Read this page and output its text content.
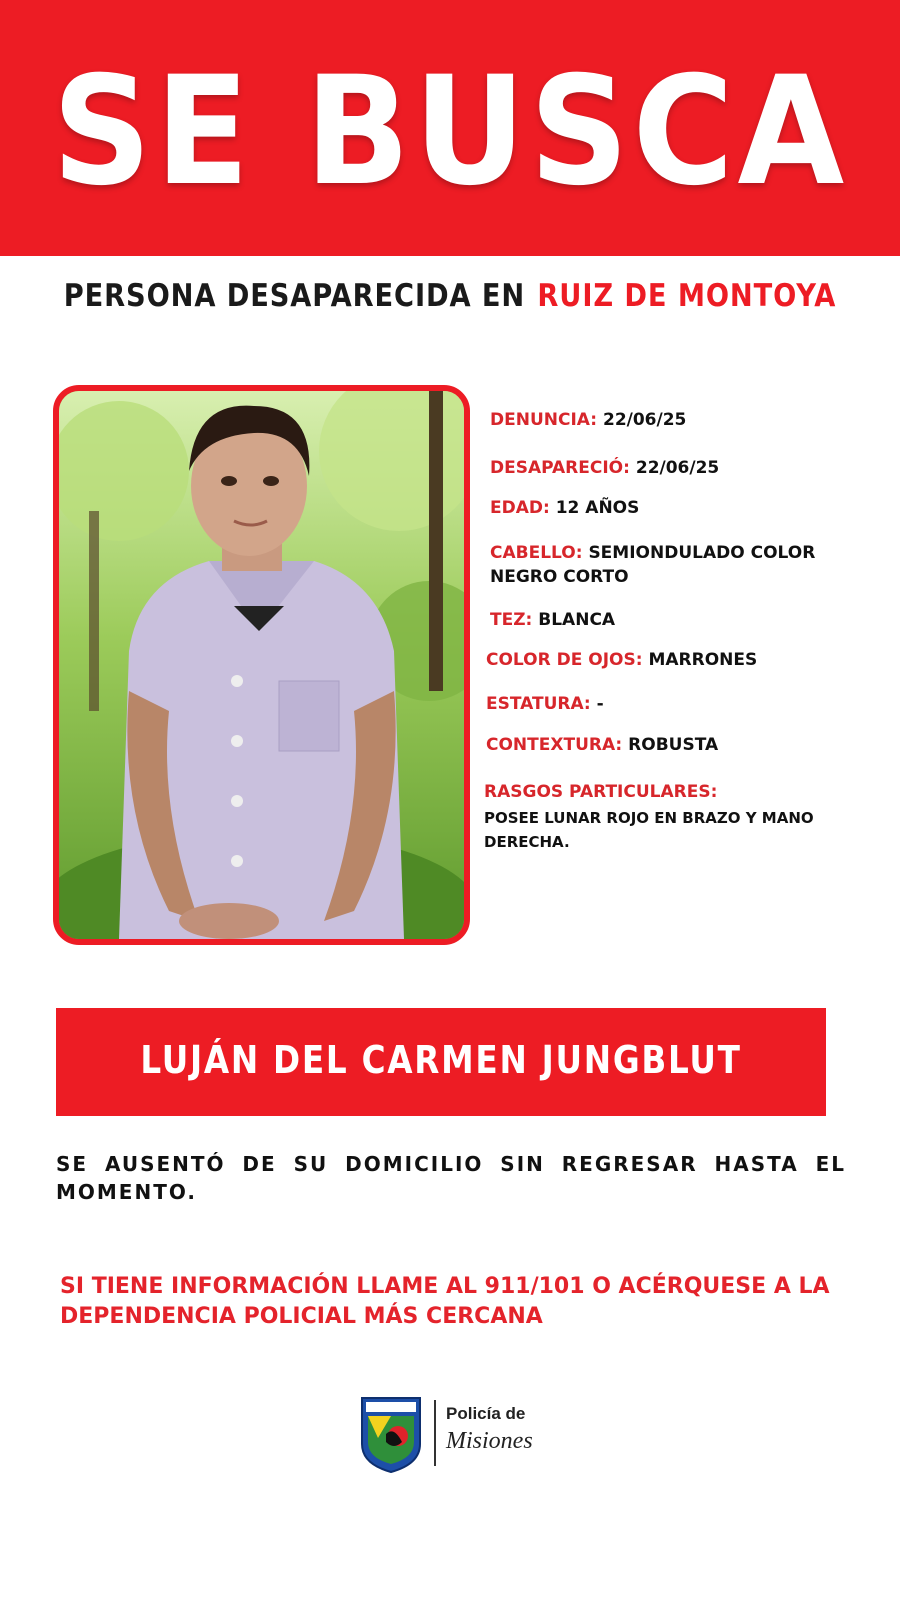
SE BUSCA
PERSONA DESAPARECIDA EN RUIZ DE MONTOYA
DENUNCIA: 22/06/25
DESAPARECIÓ: 22/06/25
EDAD: 12 AÑOS
CABELLO: SEMIONDULADO COLOR
NEGRO CORTO
TEZ: BLANCA
COLOR DE OJOS: MARRONES
ESTATURA: -
CONTEXTURA: ROBUSTA
RASGOS PARTICULARES:
POSEE LUNAR ROJO EN BRAZO Y MANO DERECHA.
LUJÁN DEL CARMEN JUNGBLUT
SE AUSENTÓ DE SU DOMICILIO SIN REGRESAR HASTA EL MOMENTO.
SI TIENE INFORMACIÓN LLAME AL 911/101 O ACÉRQUESE A LA
DEPENDENCIA POLICIAL MÁS CERCANA
Policía de
Misiones
